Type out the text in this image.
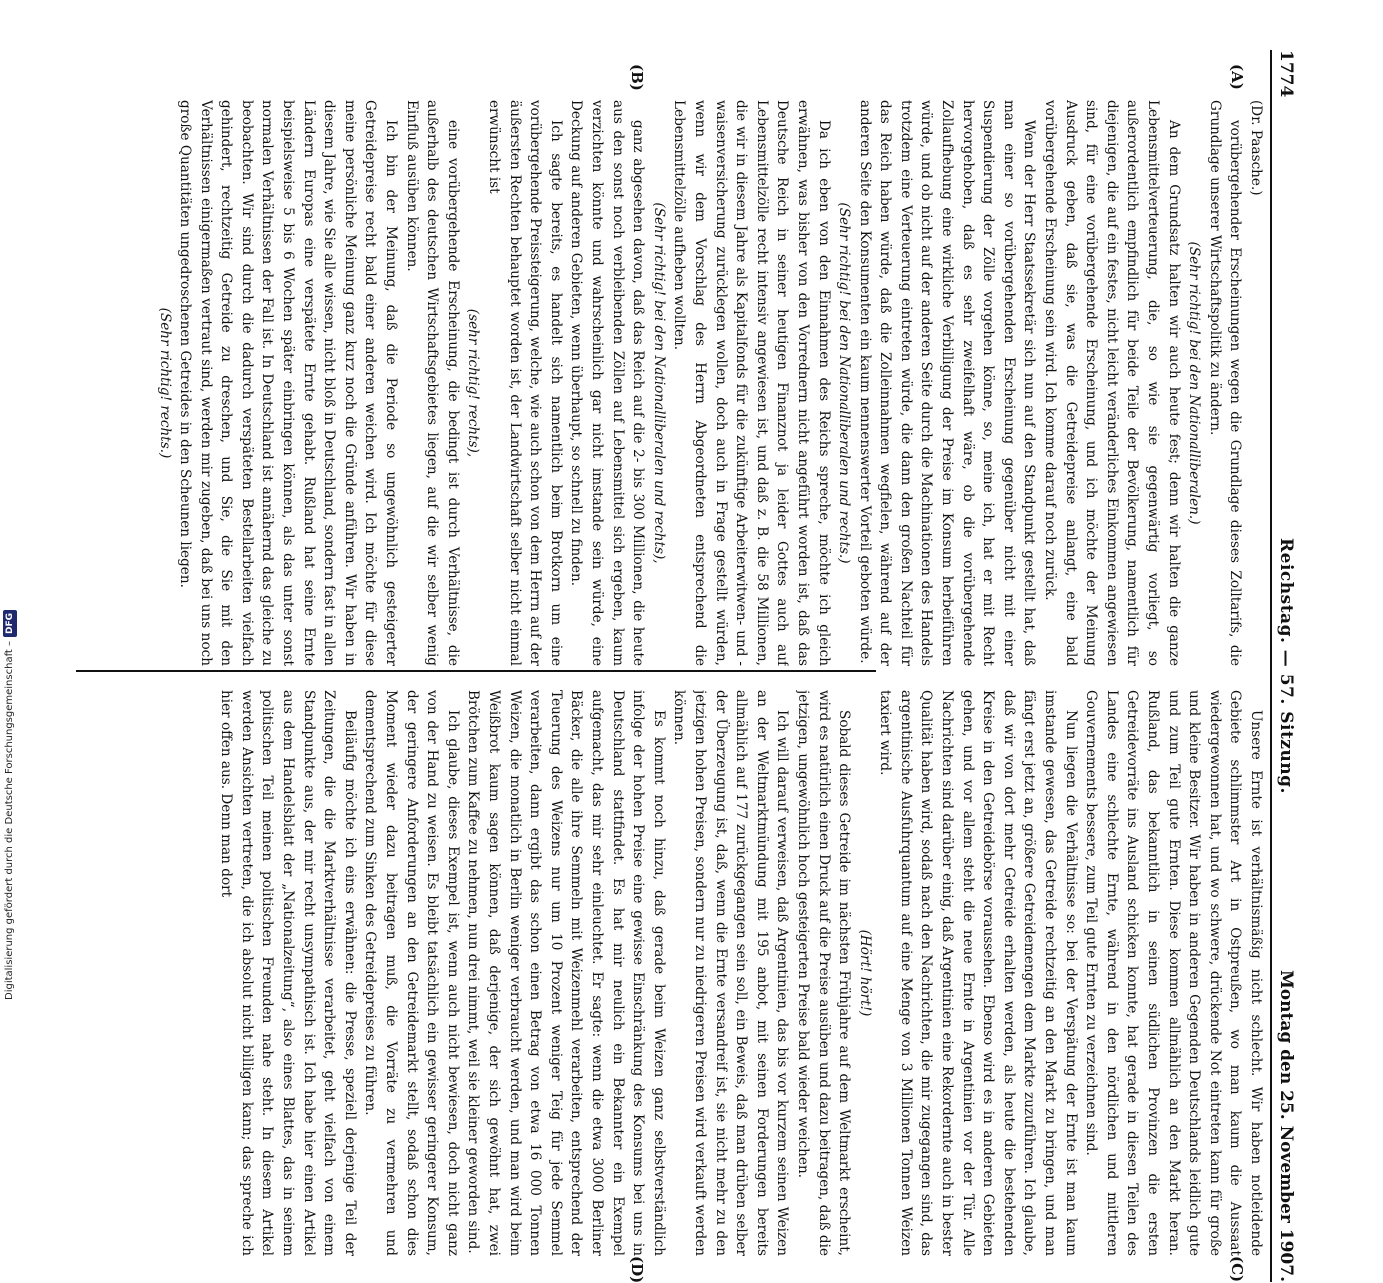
1774
Reichstag. — 57. Sitzung.
Montag den 25. November 1907.
(A)
(B)
(C)
(D)

(Dr. Paasche.)

vorübergehender Erscheinungen wegen die Grundlage dieses Zolltarifs, die Grundlage unserer Wirtschaftspolitik zu ändern.

(Sehr richtig! bei den Nationalliberalen.)

An dem Grundsatz halten wir auch heute fest; denn wir halten die ganze Lebensmittelverteuerung, die, so wie sie gegenwärtig vorliegt, so außerordentlich empfindlich für beide Teile der Bevölkerung, namentlich für diejenigen, die auf ein festes, nicht leicht veränderliches Einkommen angewiesen sind, für eine vorübergehende Erscheinung, und ich möchte der Meinung Ausdruck geben, daß sie, was die Getreidepreise anlangt, eine bald vorübergehende Erscheinung sein wird. Ich komme darauf noch zurück.

Wenn der Herr Staatssekretär sich nun auf den Standpunkt gestellt hat, daß man einer so vorübergehenden Erscheinung gegenüber nicht mit einer Suspendierung der Zölle vorgehen könne, so, meine ich, hat er mit Recht hervorgehoben, daß es sehr zweifelhaft wäre, ob die vorübergehende Zollaufhebung eine wirkliche Verbilligung der Preise im Konsum herbeiführen würde, und ob nicht auf der anderen Seite durch die Machinationen des Handels trotzdem eine Verteuerung eintreten würde, die dann den großen Nachteil für das Reich haben würde, daß die Zolleinnahmen wegfielen, während auf der anderen Seite den Konsumenten ein kaum nennenswerter Vorteil geboten würde.

(Sehr richtig! bei den Nationalliberalen und rechts.)

Da ich eben von den Einnahmen des Reichs spreche, möchte ich gleich erwähnen, was bisher von den Vorrednern nicht angeführt worden ist, daß das Deutsche Reich in seiner heutigen Finanznot ja leider Gottes auch auf Lebensmittelzölle recht intensiv angewiesen ist, und daß z. B. die 58 Millionen, die wir in diesem Jahre als Kapitalfonds für die zukünftige Arbeiterwitwen- und -waisenversicherung zurücklegen wollen, doch auch in Frage gestellt würden, wenn wir dem Vorschlag des Herrn Abgeordneten entsprechend die Lebensmittelzölle aufheben wollten.

(Sehr richtig! bei den Nationalliberalen und rechts),

ganz abgesehen davon, daß das Reich auf die 2- bis 300 Millionen, die heute aus den sonst noch verbleibenden Zöllen auf Lebensmittel sich ergeben, kaum verzichten könnte und wahrscheinlich gar nicht imstande sein würde, eine Deckung auf anderen Gebieten, wenn überhaupt, so schnell zu finden.

Ich sagte bereits, es handelt sich namentlich beim Brotkorn um eine vorübergehende Preissteigerung, welche, wie auch schon von dem Herrn auf der äußersten Rechten behauptet worden ist, der Landwirtschaft selber nicht einmal erwünscht ist

(sehr richtig! rechts),

eine vorübergehende Erscheinung, die bedingt ist durch Verhältnisse, die außerhalb des deutschen Wirtschaftsgebietes liegen, auf die wir selber wenig Einfluß ausüben können.

Ich bin der Meinung, daß die Periode so ungewöhnlich gesteigerter Getreidepreise recht bald einer anderen weichen wird. Ich möchte für diese meine persönliche Meinung ganz kurz noch die Gründe anführen. Wir haben in diesem Jahre, wie Sie alle wissen, nicht bloß in Deutschland, sondern fast in allen Ländern Europas eine verspätete Ernte gehabt. Rußland hat seine Ernte beispielsweise 5 bis 6 Wochen später einbringen können, als das unter sonst normalen Verhältnissen der Fall ist. In Deutschland ist annähernd das gleiche zu beobachten. Wir sind durch die dadurch verspäteten Bestellarbeiten vielfach gehindert, rechtzeitig Getreide zu dreschen, und Sie, die Sie mit den Verhältnissen einigermaßen vertraut sind, werden mir zugeben, daß bei uns noch große Quantitäten ungedroschenen Getreides in den Scheunen liegen.

(Sehr richtig! rechts.)

Unsere Ernte ist verhältnismäßig nicht schlecht. Wir haben notleidende Gebiete schlimmster Art in Ostpreußen, wo man kaum die Aussaat wiedergewonnen hat, und wo schwere, drückende Not eintreten kann für große und kleine Besitzer. Wir haben in anderen Gegenden Deutschlands leidlich gute und zum Teil gute Ernten. Diese kommen allmählich an den Markt heran. Rußland, das bekanntlich in seinen südlichen Provinzen die ersten Getreidevorräte ins Ausland schicken konnte, hat gerade in diesen Teilen des Landes eine schlechte Ernte, während in den nördlichen und mittleren Gouvernements bessere, zum Teil gute Ernten zu verzeichnen sind.

Nun liegen die Verhältnisse so: bei der Verspätung der Ernte ist man kaum imstande gewesen, das Getreide rechtzeitig an den Markt zu bringen, und man fängt erst jetzt an, größere Getreidemengen dem Markte zuzuführen. Ich glaube, daß wir von dort mehr Getreide erhalten werden, als heute die bestehenden Kreise in den Getreidebörse voraussehen. Ebenso wird es in anderen Gebieten gehen, und vor allem steht die neue Ernte in Argentinien vor der Tür. Alle Nachrichten sind darüber einig, daß Argentinien eine Rekordernte auch in bester Qualität haben wird, sodaß nach den Nachrichten, die mir zugegangen sind, das argentinische Ausfuhrquantum auf eine Menge von 3 Millionen Tonnen Weizen taxiert wird.

(Hört! hört!)

Sobald dieses Getreide im nächsten Frühjahre auf dem Weltmarkt erscheint, wird es natürlich einen Druck auf die Preise ausüben und dazu beitragen, daß die jetzigen, ungewöhnlich hoch gesteigerten Preise bald wieder weichen.

Ich will darauf verweisen, daß Argentinien, das bis vor kurzem seinen Weizen an der Weltmarktmündung mit 195 anbot, mit seinen Forderungen bereits allmählich auf 177 zurückgegangen sein soll, ein Beweis, daß man drüben selber der Überzeugung ist, daß, wenn die Ernte versandreif ist, sie nicht mehr zu den jetzigen hohen Preisen, sondern nur zu niedrigeren Preisen wird verkauft werden können.

Es kommt noch hinzu, daß gerade beim Weizen ganz selbstverständlich infolge der hohen Preise eine gewisse Einschränkung des Konsums bei uns in Deutschland stattfindet. Es hat mir neulich ein Bekannter ein Exempel aufgemacht, das mir sehr einleuchtet. Er sagte: wenn die etwa 3000 Berliner Bäcker, die alle ihre Semmeln mit Weizenmehl verarbeiten, entsprechend der Teuerung des Weizens nur um 10 Prozent weniger Teig für jede Semmel verarbeiten, dann ergibt das schon einen Betrag von etwa 16 000 Tonnen Weizen, die monatlich in Berlin weniger verbraucht werden, und man wird beim Weißbrot kaum sagen können, daß derjenige, der sich gewöhnt hat, zwei Brötchen zum Kaffee zu nehmen, nun drei nimmt, weil sie kleiner geworden sind.

Ich glaube, dieses Exempel ist, wenn auch nicht bewiesen, doch nicht ganz von der Hand zu weisen. Es bleibt tatsächlich ein gewisser geringerer Konsum, der geringere Anforderungen an den Getreidemarkt stellt, sodaß schon dies Moment wieder dazu beitragen muß, die Vorräte zu vermehren und dementsprechend zum Sinken des Getreidepreises zu führen.

Beiläufig möchte ich eins erwähnen: die Presse, speziell derjenige Teil der Zeitungen, die die Marktverhältnisse verarbeitet, geht vielfach von einem Standpunkte aus, der mir recht unsympathisch ist. Ich habe hier einen Artikel aus dem Handelsblatt der „Nationalzeitung“, also eines Blattes, das in seinem politischen Teil meinen politischen Freunden nahe steht. In diesem Artikel werden Ansichten vertreten, die ich absolut nicht billigen kann; das spreche ich hier offen aus. Denn man dort

Digitalisierung gefördert durch die Deutsche Forschungsgemeinschaft –DFG
